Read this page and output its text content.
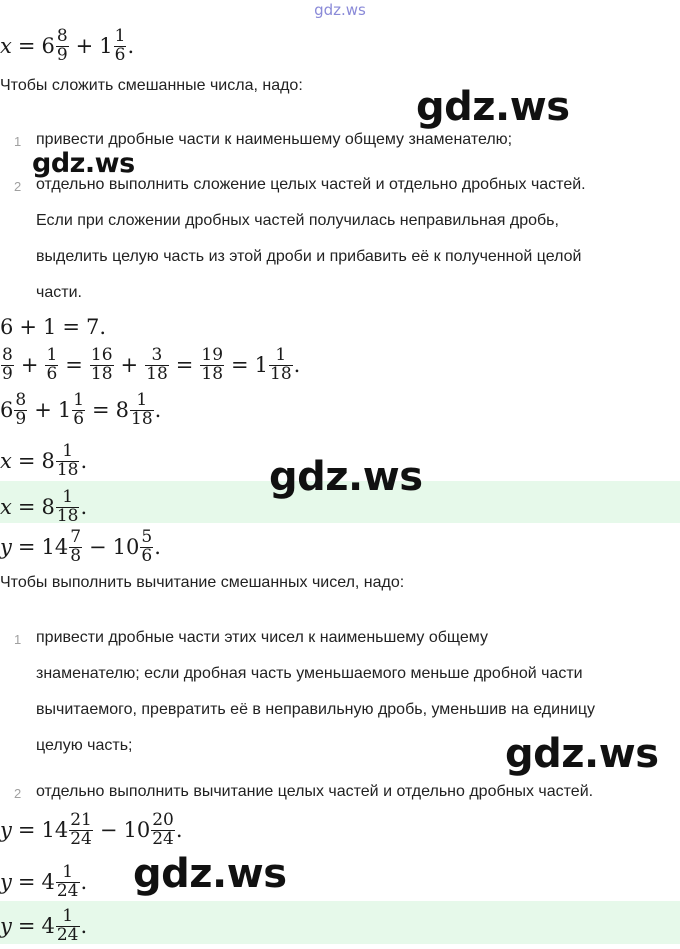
gdz.ws
$x = 6 \frac{8}{9} + 1 \frac{1}{6}$ .
Чтобы сложить смешанные числа, надо:	gdz.ws
1 привести дробные части к наименьшему общему знаменателю;
gdz.ws
2 отдельно выполнить сложение целых частей и отдельно дробных частей.
Если при сложении дробных частей получилась неправильная дробь,
выделить целую часть из этой дроби и прибавить её к полученной целой
части.
6 + 1 = 7.
$\frac{8}{9} + \frac{1}{6} = \frac{16}{18} + \frac{3}{18} = \frac{19}{18} = 1 \frac{1}{18}$ .
$6 \frac{8}{9} + 1 \frac{1}{6} = 8 \frac{1}{18}$ .
$x = 8 \frac{1}{18}$ .	gdz.ws
$x = 8 \frac{1}{18}$ .
$y = 14 \frac{7}{8} - 10 \frac{5}{6}$ .
Чтобы выполнить вычитание смешанных чисел, надо:
1 привести дробные части этих чисел к наименьшему общему
знаменателю; если дробная часть уменьшаемого меньше дробной части
вычитаемого, превратить её в неправильную дробь, уменьшив на единицу
целую часть;	gdz.ws
2 отдельно выполнить вычитание целых частей и отдельно дробных частей.
$y = 14 \frac{21}{24} - 10 \frac{20}{24}$ .
$y = 4 \frac{1}{24}$ . gdz.ws
$y = 4 \frac{1}{24}$ .
